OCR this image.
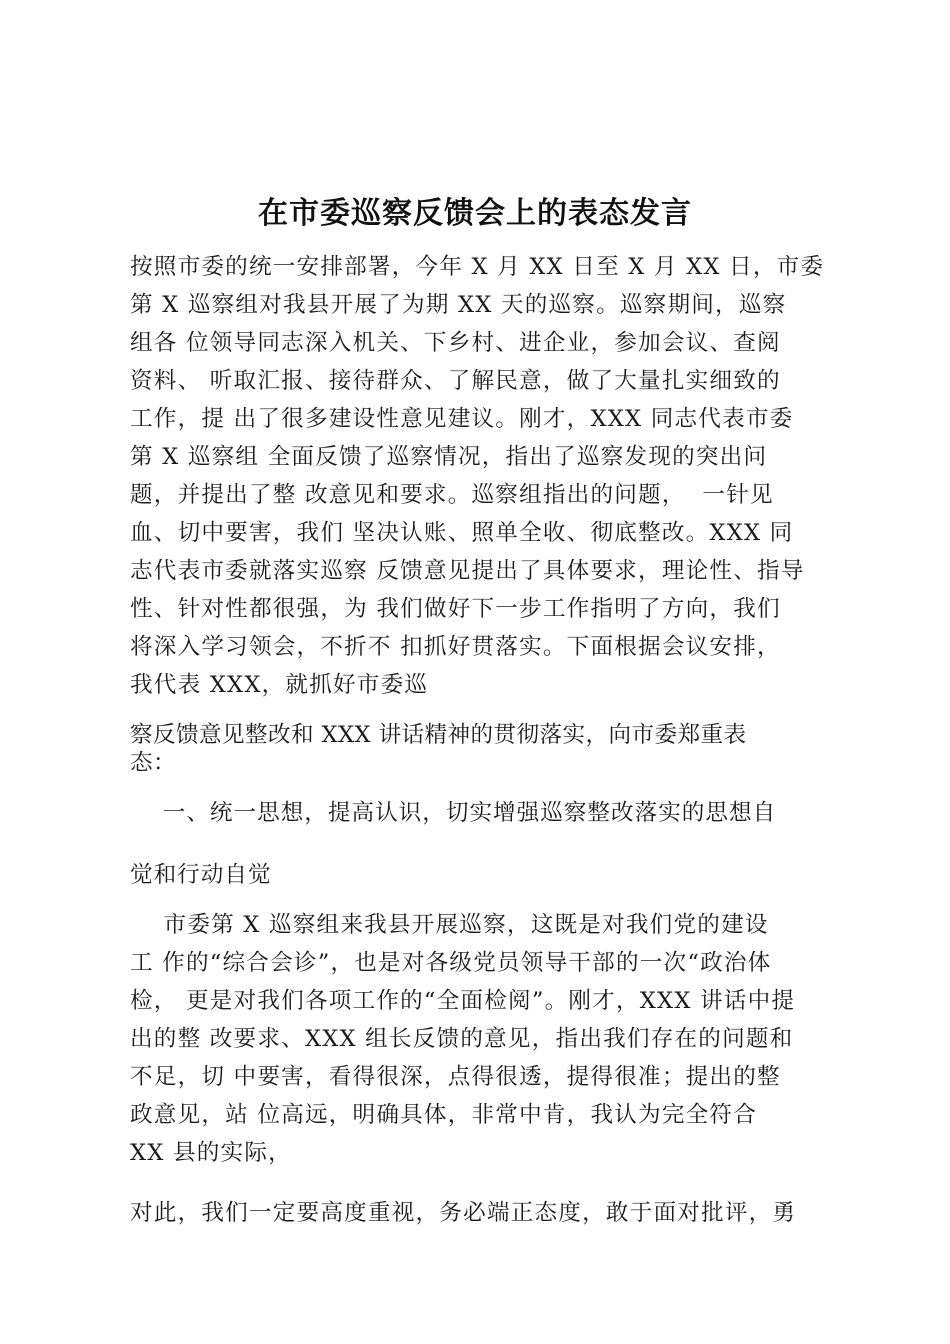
在市委巡察反馈会上的表态发言
按照市委的统一安排部署，今年 X 月 XX 日至 X 月 XX 日，市委
第 X 巡察组对我县开展了为期 XX 天的巡察。巡察期间，巡察
组各 位领导同志深入机关、下乡村、进企业，参加会议、查阅
资料、 听取汇报、接待群众、了解民意，做了大量扎实细致的
工作，提 出了很多建设性意见建议。刚才，XXX 同志代表市委
第 X 巡察组 全面反馈了巡察情况，指出了巡察发现的突出问
题，并提出了整 改意见和要求。巡察组指出的问题，  一针见
血、切中要害，我们 坚决认账、照单全收、彻底整改。XXX 同
志代表市委就落实巡察 反馈意见提出了具体要求，理论性、指导
性、针对性都很强，为 我们做好下一步工作指明了方向，我们
将深入学习领会，不折不 扣抓好贯落实。下面根据会议安排，
我代表 XXX，就抓好市委巡
察反馈意见整改和 XXX 讲话精神的贯彻落实，向市委郑重表
态：
一、统一思想，提高认识，切实增强巡察整改落实的思想自
觉和行动自觉
市委第 X 巡察组来我县开展巡察，这既是对我们党的建设
工 作的“综合会诊”，也是对各级党员领导干部的一次“政治体
检， 更是对我们各项工作的“全面检阅”。刚才，XXX 讲话中提
出的整 改要求、XXX 组长反馈的意见，指出我们存在的问题和
不足，切 中要害，看得很深，点得很透，提得很准；提出的整
政意见，站 位高远，明确具体，非常中肯，我认为完全符合
XX 县的实际，
对此，我们一定要高度重视，务必端正态度，敢于面对批评，勇
